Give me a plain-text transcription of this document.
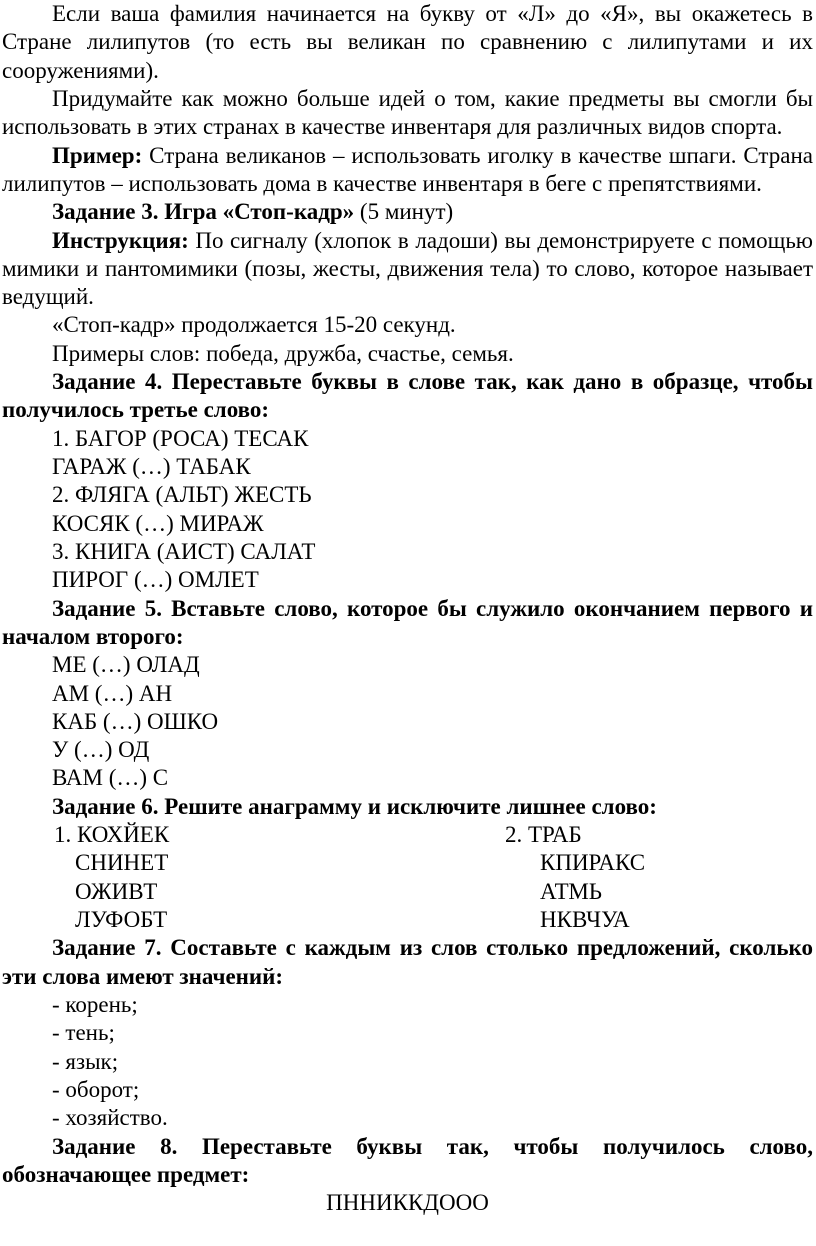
Если ваша фамилия начинается на букву от «Л» до «Я», вы окажетесь в Стране лилипутов (то есть вы великан по сравнению с лилипутами и их сооружениями).

Придумайте как можно больше идей о том, какие предметы вы смогли бы использовать в этих странах в качестве инвентаря для различных видов спорта.

Пример: Страна великанов – использовать иголку в качестве шпаги. Страна лилипутов – использовать дома в качестве инвентаря в беге с препятствиями.

Задание 3. Игра «Стоп-кадр» (5 минут)

Инструкция: По сигналу (хлопок в ладоши) вы демонстрируете с помощью мимики и пантомимики (позы, жесты, движения тела) то слово, которое называет ведущий.

«Стоп-кадр» продолжается 15-20 секунд.

Примеры слов: победа, дружба, счастье, семья.

Задание 4. Переставьте буквы в слове так, как дано в образце, чтобы получилось третье слово:

1. БАГОР (РОСА) ТЕСАК

ГАРАЖ (…) ТАБАК

2. ФЛЯГА (АЛЬТ) ЖЕСТЬ

КОСЯК (…) МИРАЖ

3. КНИГА (АИСТ) САЛАТ

ПИРОГ (…) ОМЛЕТ

Задание 5. Вставьте слово, которое бы служило окончанием первого и началом второго:

МЕ (…) ОЛАД

АМ (…) АН

КАБ (…) ОШКО

У (…) ОД

ВАМ (…) С

Задание 6. Решите анаграмму и исключите лишнее слово:

1. КОХЙЕК	2. ТРАБ

СНИНЕТ	КПИРАКС

ОЖИВТ	АТМЬ

ЛУФОБТ	НКВЧУА

Задание 7. Составьте с каждым из слов столько предложений, сколько эти слова имеют значений:

- корень;

- тень;

- язык;

- оборот;

- хозяйство.

Задание 8. Переставьте буквы так, чтобы получилось слово, обозначающее предмет:

ПННИККДООО
